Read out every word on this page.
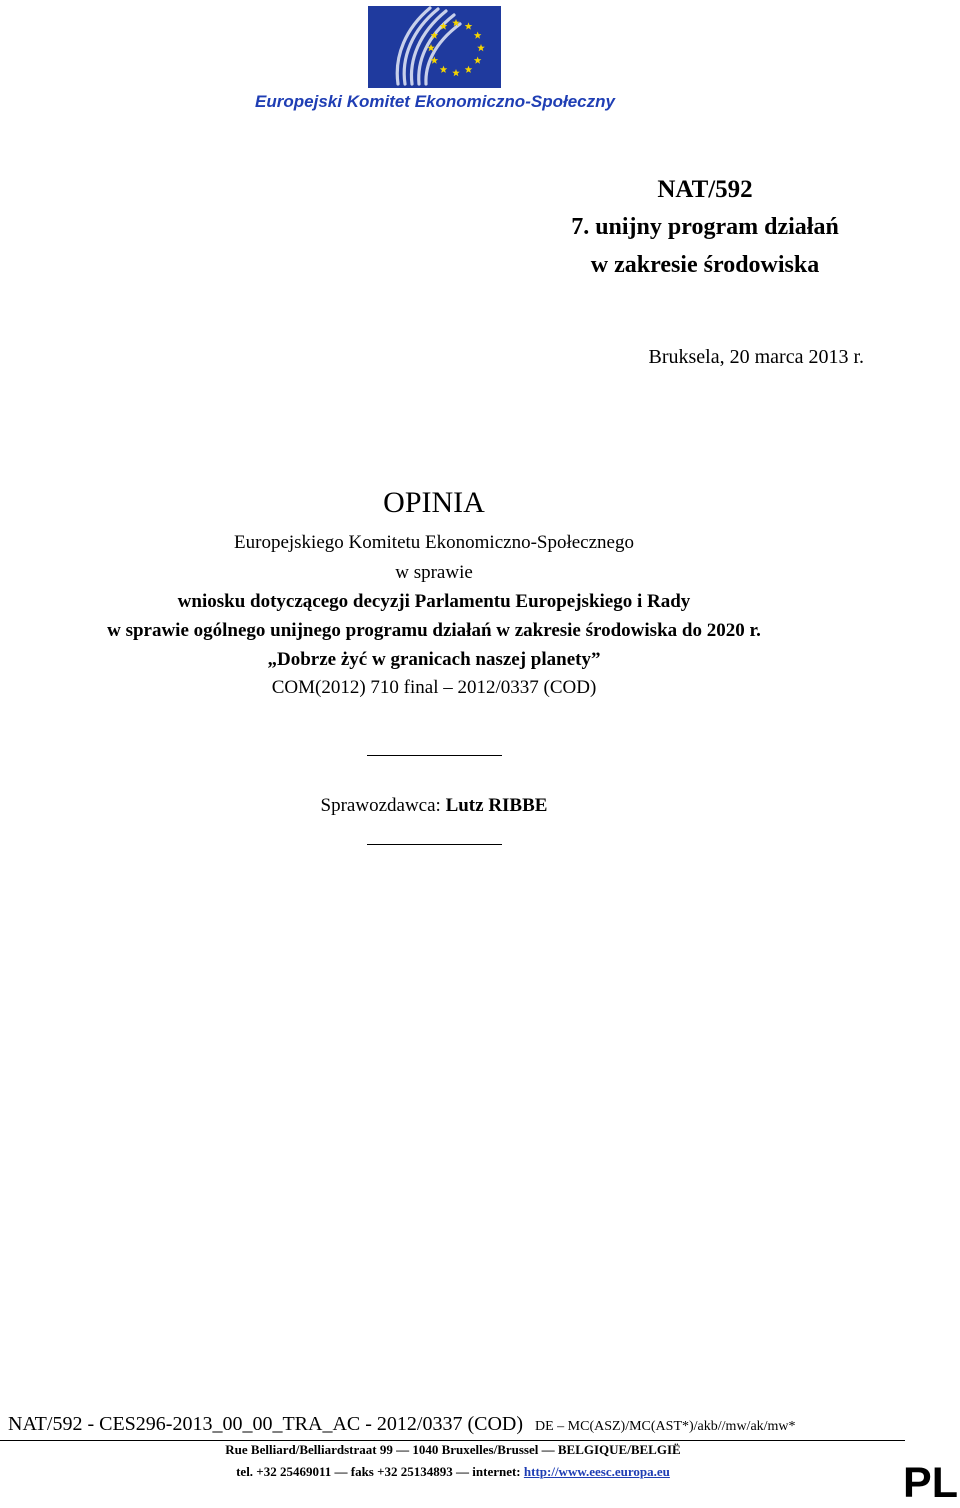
Europejski Komitet Ekonomiczno-Społeczny
NAT/592
7. unijny program działań
w zakresie środowiska
Bruksela, 20 marca 2013 r.
OPINIA
Europejskiego Komitetu Ekonomiczno-Społecznego
w sprawie
wniosku dotyczącego decyzji Parlamentu Europejskiego i Rady
w sprawie ogólnego unijnego programu działań w zakresie środowiska do 2020 r.
„Dobrze żyć w granicach naszej planety”
COM(2012) 710 final – 2012/0337 (COD)
Sprawozdawca: Lutz RIBBE
NAT/592 - CES296-2013_00_00_TRA_AC - 2012/0337 (COD) DE – MC(ASZ)/MC(AST*)/akb//mw/ak/mw*
Rue Belliard/Belliardstraat 99 — 1040 Bruxelles/Brussel — BELGIQUE/BELGIË
tel. +32 25469011 — faks +32 25134893 — internet: http://www.eesc.europa.eu	PL
